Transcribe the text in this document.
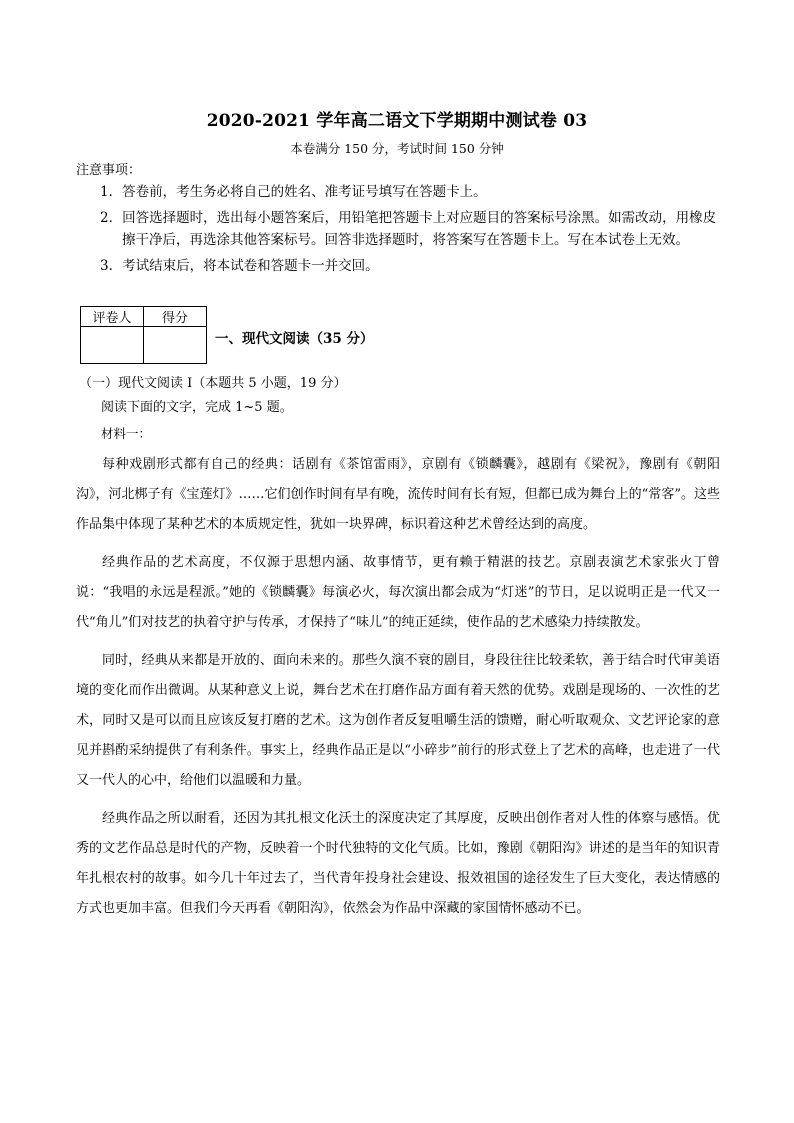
2020-2021 学年高二语文下学期期中测试卷 03
本卷满分 150 分，考试时间 150 分钟
注意事项：
1．答卷前，考生务必将自己的姓名、准考证号填写在答题卡上。
2．回答选择题时，选出每小题答案后，用铅笔把答题卡上对应题目的答案标号涂黑。如需改动，用橡皮擦干净后，再选涂其他答案标号。回答非选择题时，将答案写在答题卡上。写在本试卷上无效。
3．考试结束后，将本试卷和答题卡一并交回。
评卷人	得分

一、现代文阅读（35 分）
（一）现代文阅读 I（本题共 5 小题，19 分）
阅读下面的文字，完成 1~5 题。
材料一：

每种戏剧形式都有自己的经典：话剧有《茶馆雷雨》，京剧有《锁麟囊》，越剧有《梁祝》，豫剧有《朝阳沟》，河北梆子有《宝莲灯》……它们创作时间有早有晚，流传时间有长有短，但都已成为舞台上的“常客”。这些作品集中体现了某种艺术的本质规定性，犹如一块界碑，标识着这种艺术曾经达到的高度。

经典作品的艺术高度，不仅源于思想内涵、故事情节，更有赖于精湛的技艺。京剧表演艺术家张火丁曾说：“我唱的永远是程派。”她的《锁麟囊》每演必火，每次演出都会成为“灯迷”的节日，足以说明正是一代又一代“角儿”们对技艺的执着守护与传承，才保持了“味儿”的纯正延续，使作品的艺术感染力持续散发。

同时，经典从来都是开放的、面向未来的。那些久演不衰的剧目，身段往往比较柔软，善于结合时代审美语境的变化而作出微调。从某种意义上说，舞台艺术在打磨作品方面有着天然的优势。戏剧是现场的、一次性的艺术，同时又是可以而且应该反复打磨的艺术。这为创作者反复咀嚼生活的馈赠，耐心听取观众、文艺评论家的意见并斟酌采纳提供了有利条件。事实上，经典作品正是以“小碎步”前行的形式登上了艺术的高峰，也走进了一代又一代人的心中，给他们以温暖和力量。

经典作品之所以耐看，还因为其扎根文化沃土的深度决定了其厚度，反映出创作者对人性的体察与感悟。优秀的文艺作品总是时代的产物，反映着一个时代独特的文化气质。比如，豫剧《朝阳沟》讲述的是当年的知识青年扎根农村的故事。如今几十年过去了，当代青年投身社会建设、报效祖国的途径发生了巨大变化，表达情感的方式也更加丰富。但我们今天再看《朝阳沟》，依然会为作品中深藏的家国情怀感动不已。
